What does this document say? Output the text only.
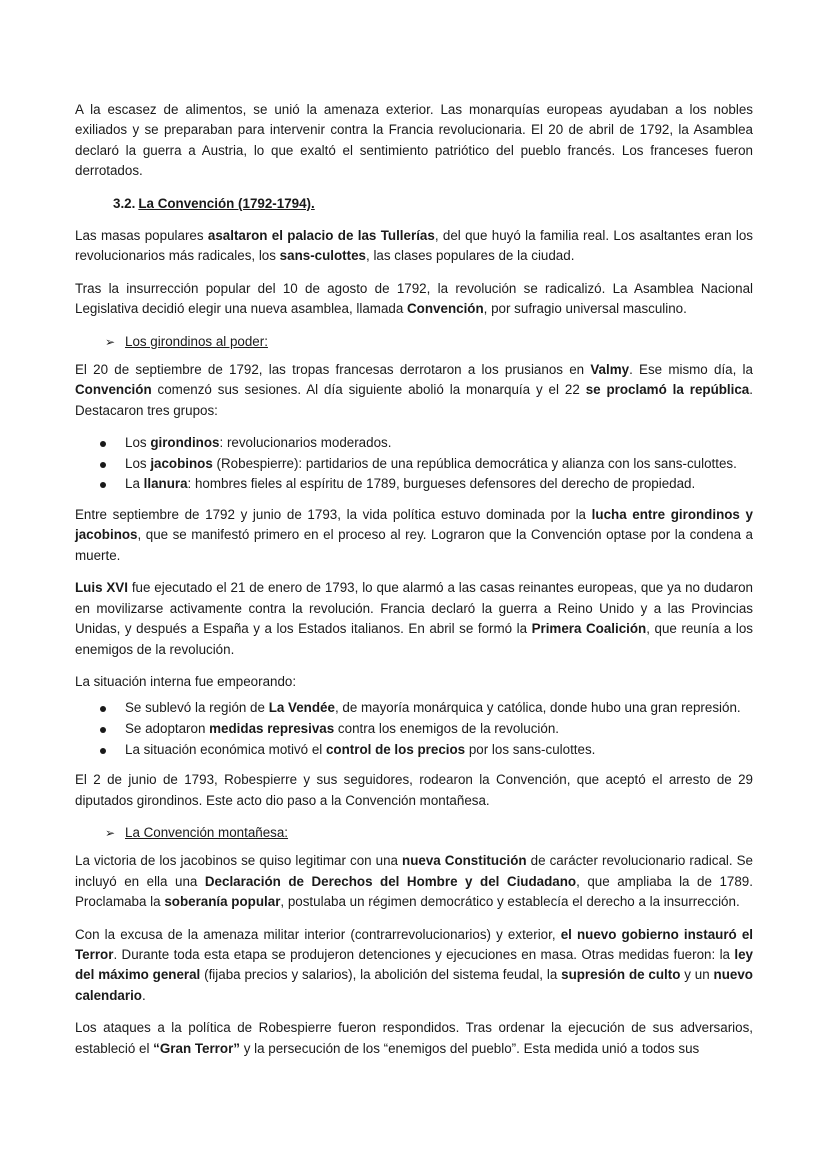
A la escasez de alimentos, se unió la amenaza exterior. Las monarquías europeas ayudaban a los nobles exiliados y se preparaban para intervenir contra la Francia revolucionaria. El 20 de abril de 1792, la Asamblea declaró la guerra a Austria, lo que exaltó el sentimiento patriótico del pueblo francés. Los franceses fueron derrotados.

3.2. La Convención (1792-1794).

Las masas populares asaltaron el palacio de las Tullerías, del que huyó la familia real. Los asaltantes eran los revolucionarios más radicales, los sans-culottes, las clases populares de la ciudad.

Tras la insurrección popular del 10 de agosto de 1792, la revolución se radicalizó. La Asamblea Nacional Legislativa decidió elegir una nueva asamblea, llamada Convención, por sufragio universal masculino.

➢ Los girondinos al poder:

El 20 de septiembre de 1792, las tropas francesas derrotaron a los prusianos en Valmy. Ese mismo día, la Convención comenzó sus sesiones. Al día siguiente abolió la monarquía y el 22 se proclamó la república. Destacaron tres grupos:

Los girondinos: revolucionarios moderados.
Los jacobinos (Robespierre): partidarios de una república democrática y alianza con los sans-culottes.
La llanura: hombres fieles al espíritu de 1789, burgueses defensores del derecho de propiedad.

Entre septiembre de 1792 y junio de 1793, la vida política estuvo dominada por la lucha entre girondinos y jacobinos, que se manifestó primero en el proceso al rey. Lograron que la Convención optase por la condena a muerte.

Luis XVI fue ejecutado el 21 de enero de 1793, lo que alarmó a las casas reinantes europeas, que ya no dudaron en movilizarse activamente contra la revolución. Francia declaró la guerra a Reino Unido y a las Provincias Unidas, y después a España y a los Estados italianos. En abril se formó la Primera Coalición, que reunía a los enemigos de la revolución.

La situación interna fue empeorando:

Se sublevó la región de La Vendée, de mayoría monárquica y católica, donde hubo una gran represión.
Se adoptaron medidas represivas contra los enemigos de la revolución.
La situación económica motivó el control de los precios por los sans-culottes.

El 2 de junio de 1793, Robespierre y sus seguidores, rodearon la Convención, que aceptó el arresto de 29 diputados girondinos. Este acto dio paso a la Convención montañesa.

➢ La Convención montañesa:

La victoria de los jacobinos se quiso legitimar con una nueva Constitución de carácter revolucionario radical. Se incluyó en ella una Declaración de Derechos del Hombre y del Ciudadano, que ampliaba la de 1789. Proclamaba la soberanía popular, postulaba un régimen democrático y establecía el derecho a la insurrección.

Con la excusa de la amenaza militar interior (contrarrevolucionarios) y exterior, el nuevo gobierno instauró el Terror. Durante toda esta etapa se produjeron detenciones y ejecuciones en masa. Otras medidas fueron: la ley del máximo general (fijaba precios y salarios), la abolición del sistema feudal, la supresión de culto y un nuevo calendario.

Los ataques a la política de Robespierre fueron respondidos. Tras ordenar la ejecución de sus adversarios, estableció el “Gran Terror” y la persecución de los “enemigos del pueblo”. Esta medida unió a todos sus
